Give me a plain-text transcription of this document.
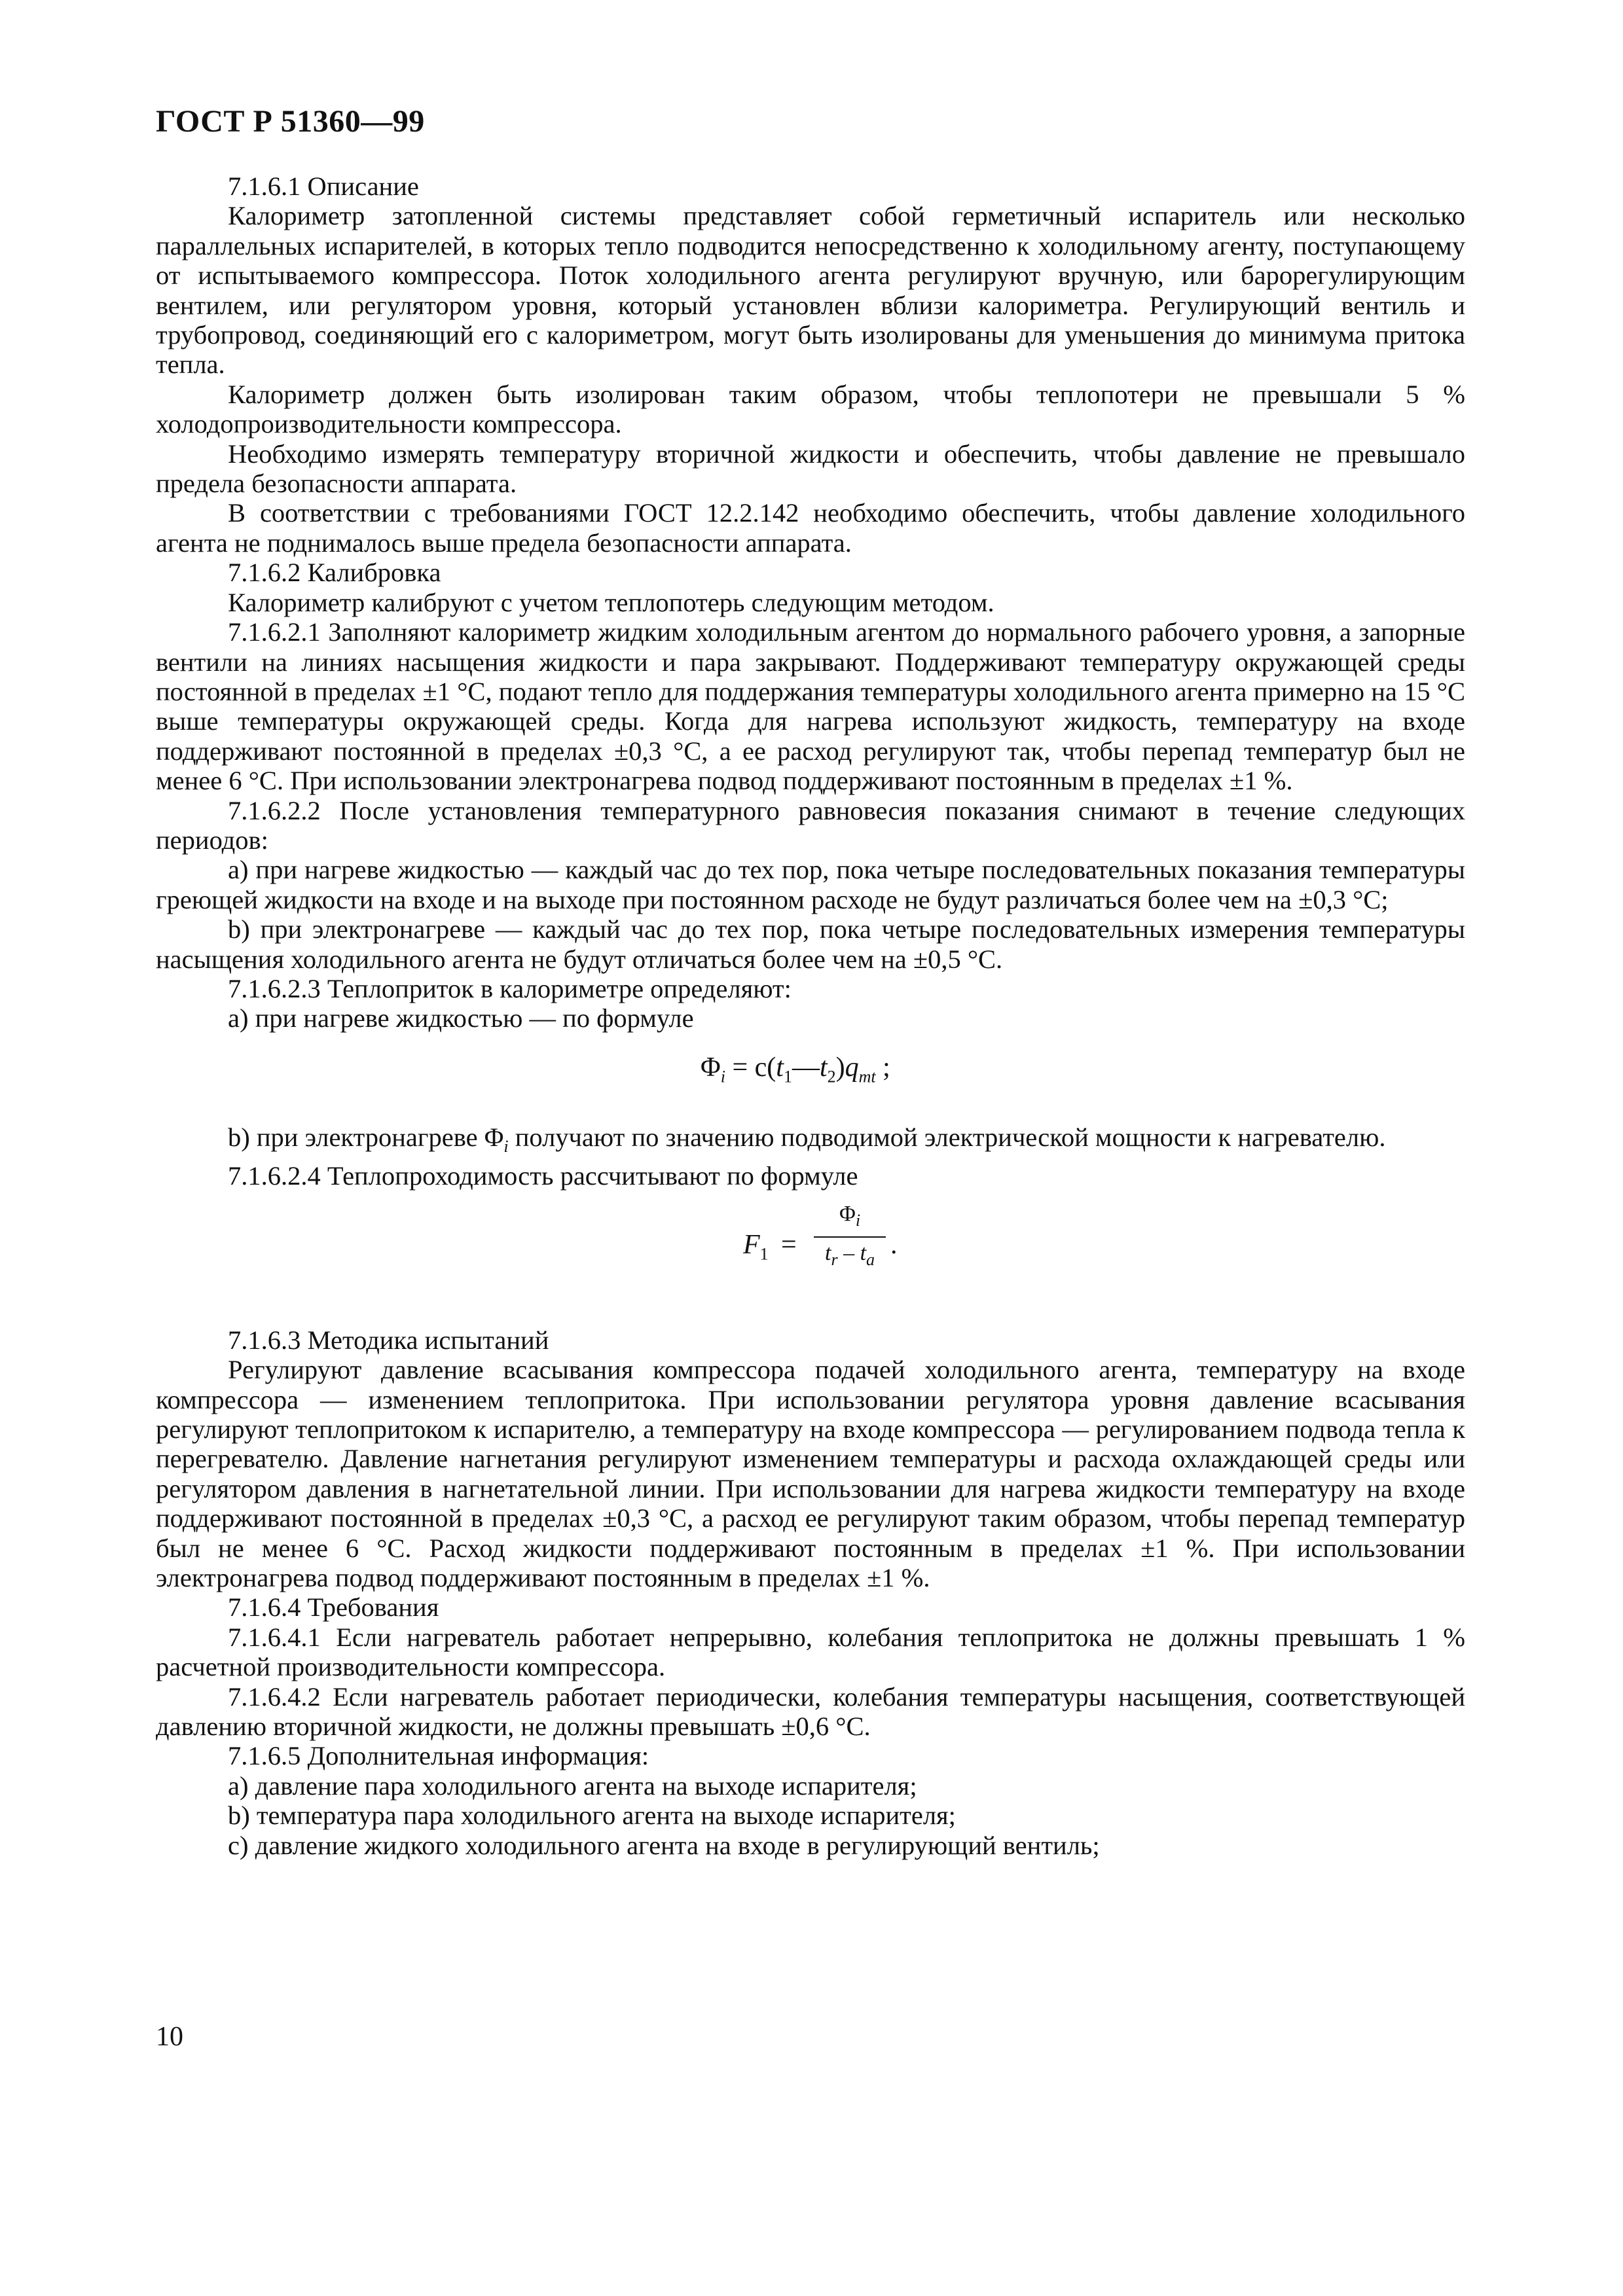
ГОСТ Р 51360—99

7.1.6.1 Описание

Калориметр затопленной системы представляет собой герметичный испаритель или несколько параллельных испарителей, в которых тепло подводится непосредственно к холодильному агенту, поступающему от испытываемого компрессора. Поток холодильного агента регулируют вручную, или барорегулирующим вентилем, или регулятором уровня, который установлен вблизи калориметра. Регулирующий вентиль и трубопровод, соединяющий его с калориметром, могут быть изолированы для уменьшения до минимума притока тепла.

Калориметр должен быть изолирован таким образом, чтобы теплопотери не превышали 5 % холодопроизводительности компрессора.

Необходимо измерять температуру вторичной жидкости и обеспечить, чтобы давление не превышало предела безопасности аппарата.

В соответствии с требованиями ГОСТ 12.2.142 необходимо обеспечить, чтобы давление холодильного агента не поднималось выше предела безопасности аппарата.

7.1.6.2 Калибровка

Калориметр калибруют с учетом теплопотерь следующим методом.

7.1.6.2.1 Заполняют калориметр жидким холодильным агентом до нормального рабочего уровня, а запорные вентили на линиях насыщения жидкости и пара закрывают. Поддерживают температуру окружающей среды постоянной в пределах ±1 °С, подают тепло для поддержания температуры холодильного агента примерно на 15 °С выше температуры окружающей среды. Когда для нагрева используют жидкость, температуру на входе поддерживают постоянной в пределах ±0,3 °С, а ее расход регулируют так, чтобы перепад температур был не менее 6 °С. При использовании электронагрева подвод поддерживают постоянным в пределах ±1 %.

7.1.6.2.2 После установления температурного равновесия показания снимают в течение следующих периодов:

a) при нагреве жидкостью — каждый час до тех пор, пока четыре последовательных показания температуры греющей жидкости на входе и на выходе при постоянном расходе не будут различаться более чем на ±0,3 °С;

b) при электронагреве — каждый час до тех пор, пока четыре последовательных измерения температуры насыщения холодильного агента не будут отличаться более чем на ±0,5 °С.

7.1.6.2.3 Теплоприток в калориметре определяют:

a) при нагреве жидкостью — по формуле

$\Phi_i$ = $c(t_1—t_2)q_{mt}$ ;

b) при электронагреве $\Phi_i$ получают по значению подводимой электрической мощности к нагревателю.

7.1.6.2.4 Теплопроходимость рассчитывают по формуле

$F_1$ =
$\Phi_i$
$t_r - t_a$
.

7.1.6.3 Методика испытаний

Регулируют давление всасывания компрессора подачей холодильного агента, температуру на входе компрессора — изменением теплопритока. При использовании регулятора уровня давление всасывания регулируют теплопритоком к испарителю, а температуру на входе компрессора — регулированием подвода тепла к перегревателю. Давление нагнетания регулируют изменением температуры и расхода охлаждающей среды или регулятором давления в нагнетательной линии. При использовании для нагрева жидкости температуру на входе поддерживают постоянной в пределах ±0,3 °С, а расход ее регулируют таким образом, чтобы перепад температур был не менее 6 °С. Расход жидкости поддерживают постоянным в пределах ±1 %. При использовании электронагрева подвод поддерживают постоянным в пределах ±1 %.

7.1.6.4 Требования

7.1.6.4.1 Если нагреватель работает непрерывно, колебания теплопритока не должны превышать 1 % расчетной производительности компрессора.

7.1.6.4.2 Если нагреватель работает периодически, колебания температуры насыщения, соответствующей давлению вторичной жидкости, не должны превышать ±0,6 °С.

7.1.6.5 Дополнительная информация:

a) давление пара холодильного агента на выходе испарителя;

b) температура пара холодильного агента на выходе испарителя;

c) давление жидкого холодильного агента на входе в регулирующий вентиль;

10
